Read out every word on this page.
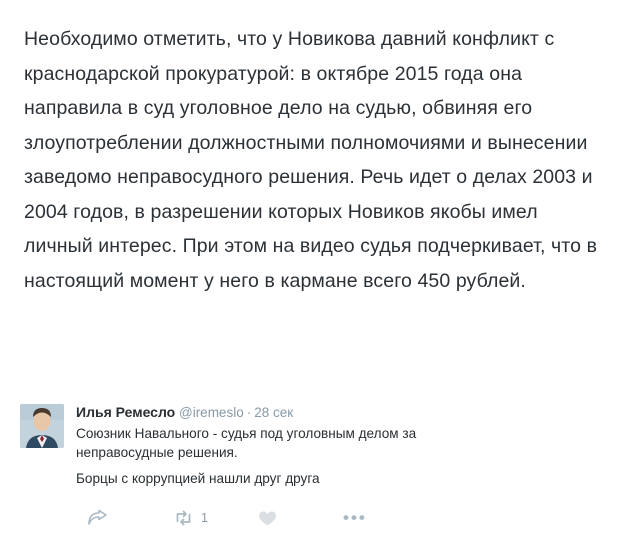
Необходимо отметить, что у Новикова давний конфликт с краснодарской прокуратурой: в октябре 2015 года она направила в суд уголовное дело на судью, обвиняя его злоупотреблении должностными полномочиями и вынесении заведомо неправосудного решения. Речь идет о делах 2003 и 2004 годов, в разрешении которых Новиков якобы имел личный интерес. При этом на видео судья подчеркивает, что в настоящий момент у него в кармане всего 450 рублей.

Илья Ремесло @iremeslo · 28 сек
Союзник Навального - судья под уголовным делом за
неправосудные решения.
Борцы с коррупцией нашли друг друга
1	•••
